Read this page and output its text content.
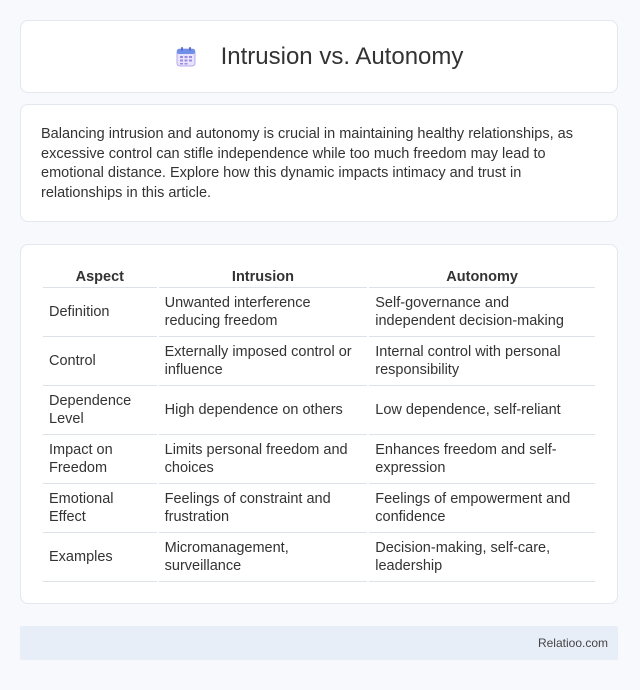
Intrusion vs. Autonomy

Balancing intrusion and autonomy is crucial in maintaining healthy relationships, as excessive control can stifle independence while too much freedom may lead to emotional distance. Explore how this dynamic impacts intimacy and trust in relationships in this article.

Aspect	Intrusion	Autonomy
Definition	Unwanted interference reducing freedom	Self-governance and independent decision-making
Control	Externally imposed control or influence	Internal control with personal responsibility
Dependence Level	High dependence on others	Low dependence, self-reliant
Impact on Freedom	Limits personal freedom and choices	Enhances freedom and self-expression
Emotional Effect	Feelings of constraint and frustration	Feelings of empowerment and confidence
Examples	Micromanagement, surveillance	Decision-making, self-care, leadership
Relatioo.com
